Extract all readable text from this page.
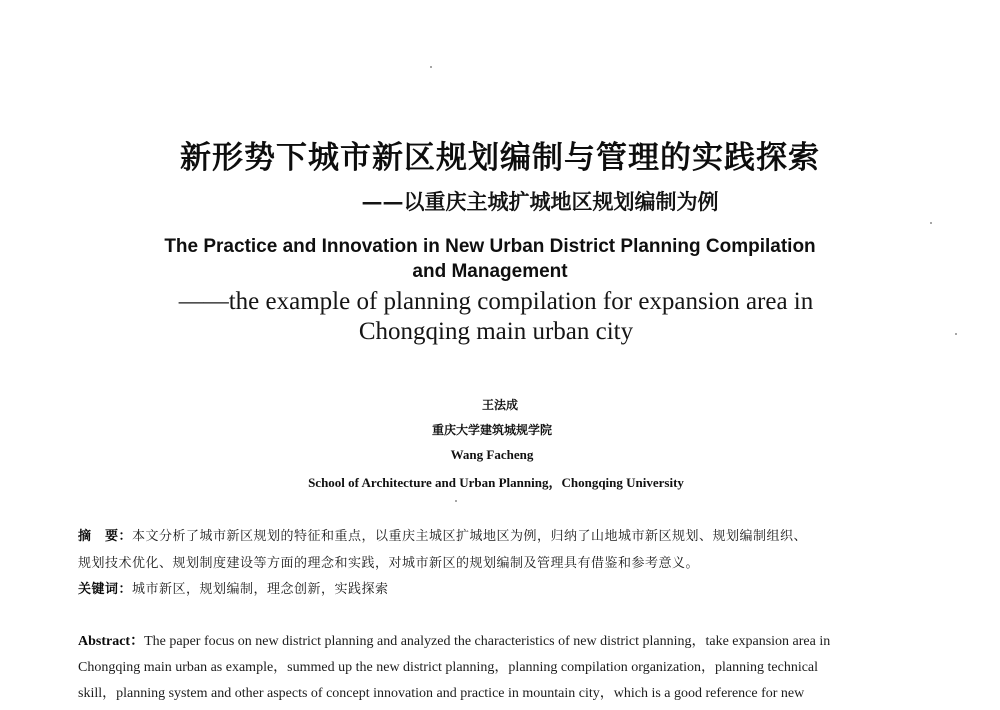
新形势下城市新区规划编制与管理的实践探索
——以重庆主城扩城地区规划编制为例
The Practice and Innovation in New Urban District Planning Compilation
and Management
——the example of planning compilation for expansion area in
Chongqing main urban city
王法成
重庆大学建筑城规学院
Wang Facheng
School of Architecture and Urban Planning，Chongqing University
摘　要：本文分析了城市新区规划的特征和重点，以重庆主城区扩城地区为例，归纳了山地城市新区规划、规划编制组织、
规划技术优化、规划制度建设等方面的理念和实践，对城市新区的规划编制及管理具有借鉴和参考意义。
关键词：城市新区，规划编制，理念创新，实践探索
Abstract：The paper focus on new district planning and analyzed the characteristics of new district planning，take expansion area in
Chongqing main urban as example，summed up the new district planning，planning compilation organization，planning technical
skill，planning system and other aspects of concept innovation and practice in mountain city，which is a good reference for new
